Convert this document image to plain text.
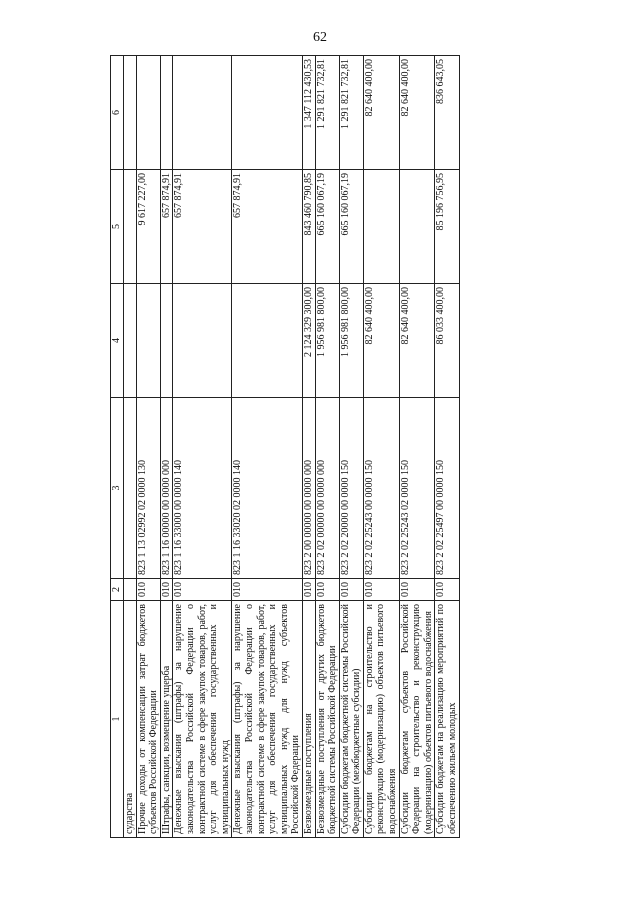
62
1	2	3	4	5	6
сударства					
Прочие доходы от компенсации затрат бюджетов субъектов Российской Федерации	010	823 1 13 02992 02 0000 130		9 617 227,00	
Штрафы, санкции, возмещение ущерба	010	823 1 16 00000 00 0000 000		657 874,91	
Денежные взыскания (штрафы) за нарушение законодательства Российской Федерации о контрактной системе в сфере закупок товаров, работ, услуг для обеспечения государственных и муниципальных нужд	010	823 1 16 33000 00 0000 140		657 874,91	
Денежные взыскания (штрафы) за нарушение законодательства Российской Федерации о контрактной системе в сфере закупок товаров, работ, услуг для обеспечения государственных и муниципальных нужд для нужд субъектов Российской Федерации	010	823 1 16 33020 02 0000 140		657 874,91	
Безвозмездные поступления	010	823 2 00 00000 00 0000 000	2 124 329 300,00	843 460 790,85	1 347 112 430,53
Безвозмездные поступления от других бюджетов бюджетной системы Российской Федерации	010	823 2 02 00000 00 0000 000	1 956 981 800,00	665 160 067,19	1 291 821 732,81
Субсидии бюджетам бюджетной системы Российской Федерации (межбюджетные субсидии)	010	823 2 02 20000 00 0000 150	1 956 981 800,00	665 160 067,19	1 291 821 732,81
Субсидии бюджетам на строительство и реконструкцию (модернизацию) объектов питьевого водоснабжения	010	823 2 02 25243 00 0000 150	82 640 400,00		82 640 400,00
Субсидии бюджетам субъектов Российской Федерации на строительство и реконструкцию (модернизацию) объектов питьевого водоснабжения	010	823 2 02 25243 02 0000 150	82 640 400,00		82 640 400,00
Субсидии бюджетам на реализацию мероприятий по обеспечению жильем молодых	010	823 2 02 25497 00 0000 150	86 033 400,00	85 196 756,95	836 643,05
